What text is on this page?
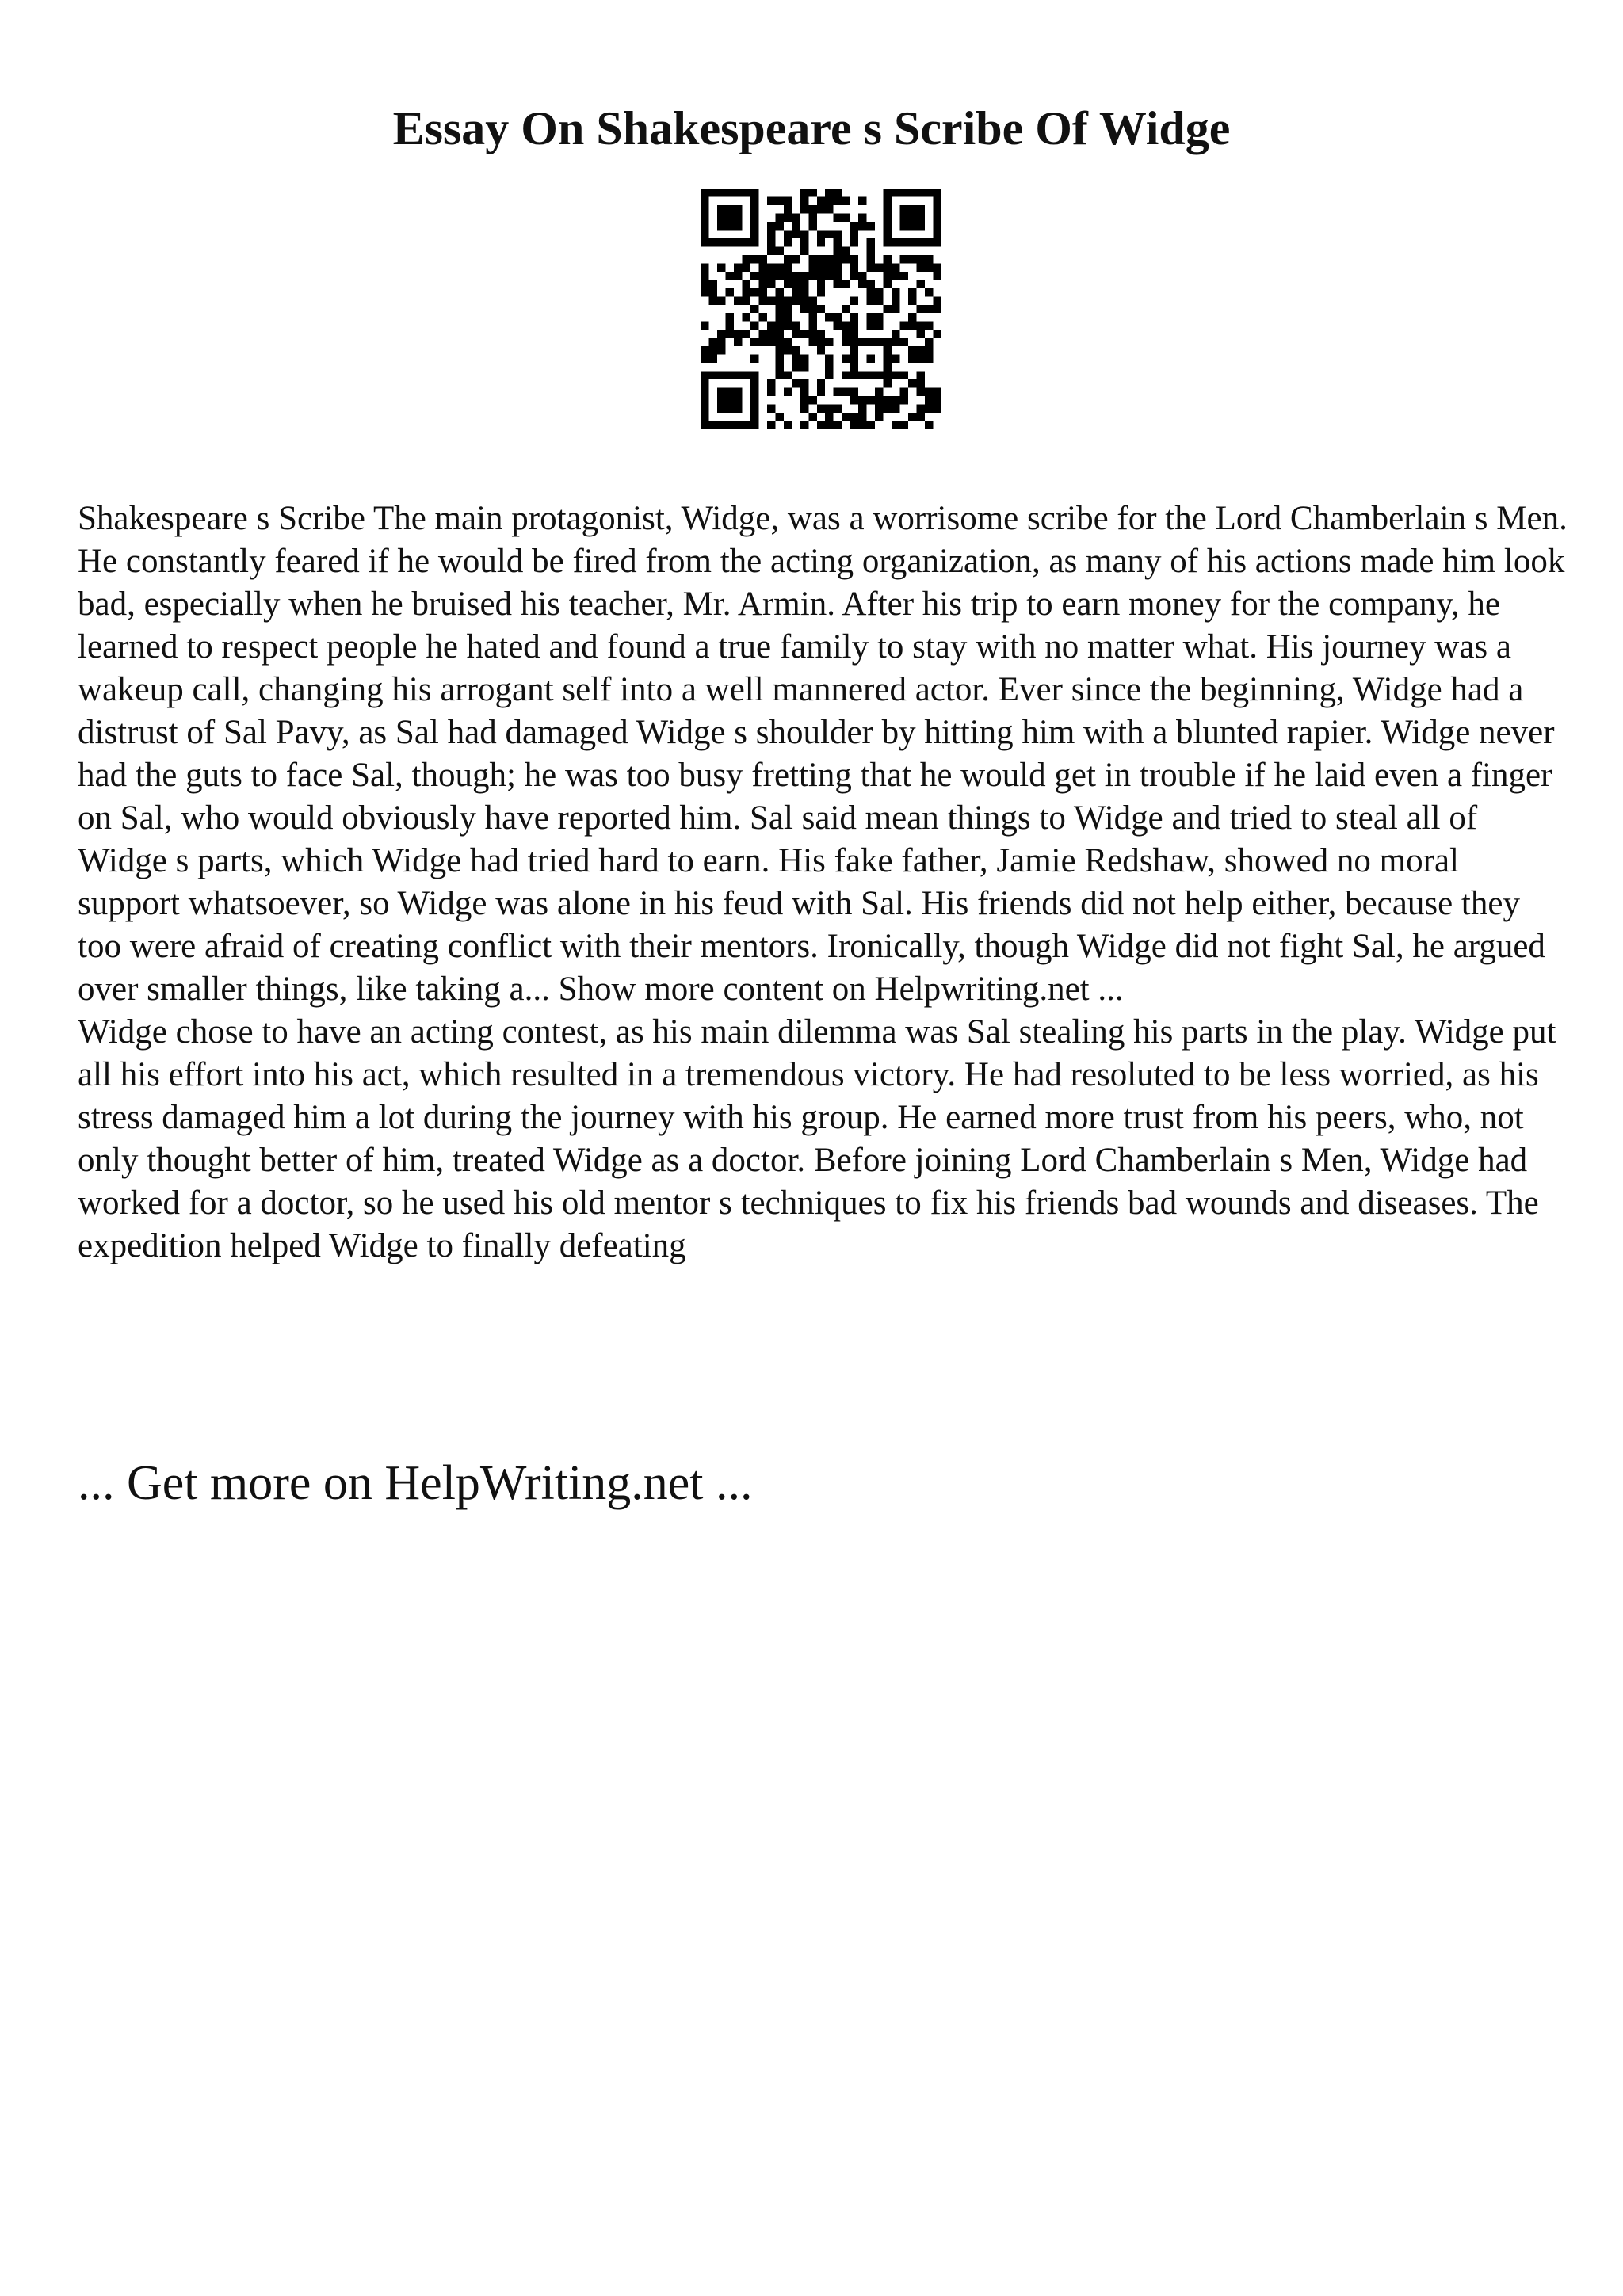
Essay On Shakespeare s Scribe Of Widge

Shakespeare s Scribe The main protagonist, Widge, was a worrisome scribe for the Lord Chamberlain s Men. He constantly feared if he would be fired from the acting organization, as many of his actions made him look bad, especially when he bruised his teacher, Mr. Armin. After his trip to earn money for the company, he learned to respect people he hated and found a true family to stay with no matter what. His journey was a wakeup call, changing his arrogant self into a well mannered actor. Ever since the beginning, Widge had a distrust of Sal Pavy, as Sal had damaged Widge s shoulder by hitting him with a blunted rapier. Widge never had the guts to face Sal, though; he was too busy fretting that he would get in trouble if he laid even a finger on Sal, who would obviously have reported him. Sal said mean things to Widge and tried to steal all of Widge s parts, which Widge had tried hard to earn. His fake father, Jamie Redshaw, showed no moral support whatsoever, so Widge was alone in his feud with Sal. His friends did not help either, because they too were afraid of creating conflict with their mentors. Ironically, though Widge did not fight Sal, he argued over smaller things, like taking a... Show more content on Helpwriting.net ...

Widge chose to have an acting contest, as his main dilemma was Sal stealing his parts in the play. Widge put all his effort into his act, which resulted in a tremendous victory. He had resoluted to be less worried, as his stress damaged him a lot during the journey with his group. He earned more trust from his peers, who, not only thought better of him, treated Widge as a doctor. Before joining Lord Chamberlain s Men, Widge had worked for a doctor, so he used his old mentor s techniques to fix his friends bad wounds and diseases. The expedition helped Widge to finally defeating

... Get more on HelpWriting.net ...
